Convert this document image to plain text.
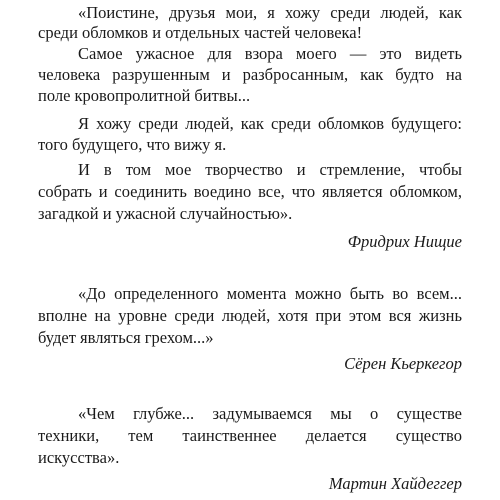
«Поистине, друзья мои, я хожу среди людей, как
среди обломков и отдельных частей человека!
Самое ужасное для взора моего — это видеть
человека разрушенным и разбросанным, как будто на
поле кровопролитной битвы...
Я хожу среди людей, как среди обломков будущего:
того будущего, что вижу я.
И в том мое творчество и стремление, чтобы
собрать и соединить воедино все, что является обломком,
загадкой и ужасной случайностью».
Фридрих Нищие
«До определенного момента можно быть во всем...
вполне на уровне среди людей, хотя при этом вся жизнь
будет являться грехом...»
Сёрен Кьеркегор
«Чем глубже... задумываемся мы о существе
техники, тем таинственнее делается существо
искусства».
Мартин Хайдеггер
